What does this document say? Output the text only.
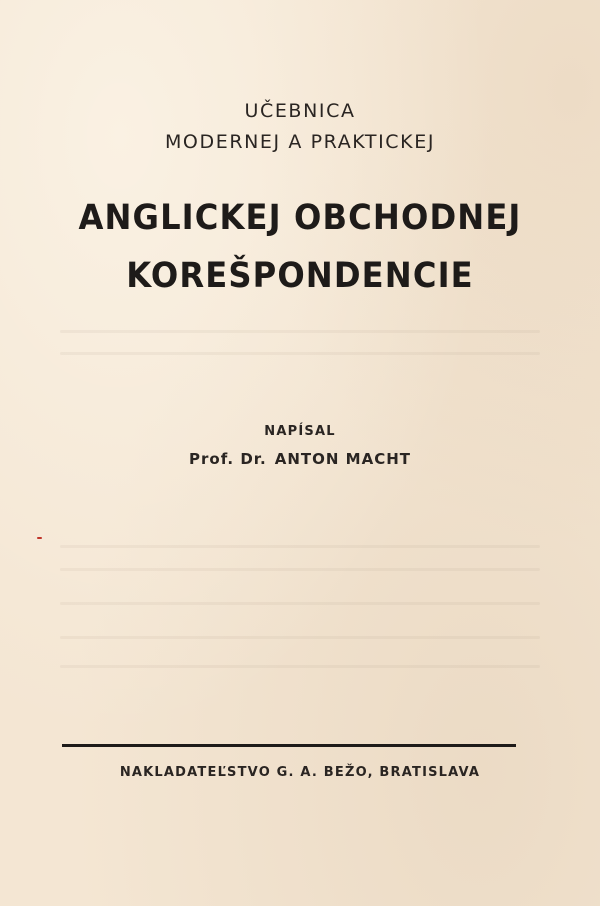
UČEBNICA
MODERNEJ A PRAKTICKEJ
ANGLICKEJ OBCHODNEJ
KOREŠPONDENCIE
NAPÍSAL
Prof. Dr. ANTON MACHT
NAKLADATEĽSTVO G. A. BEŽO, BRATISLAVA
